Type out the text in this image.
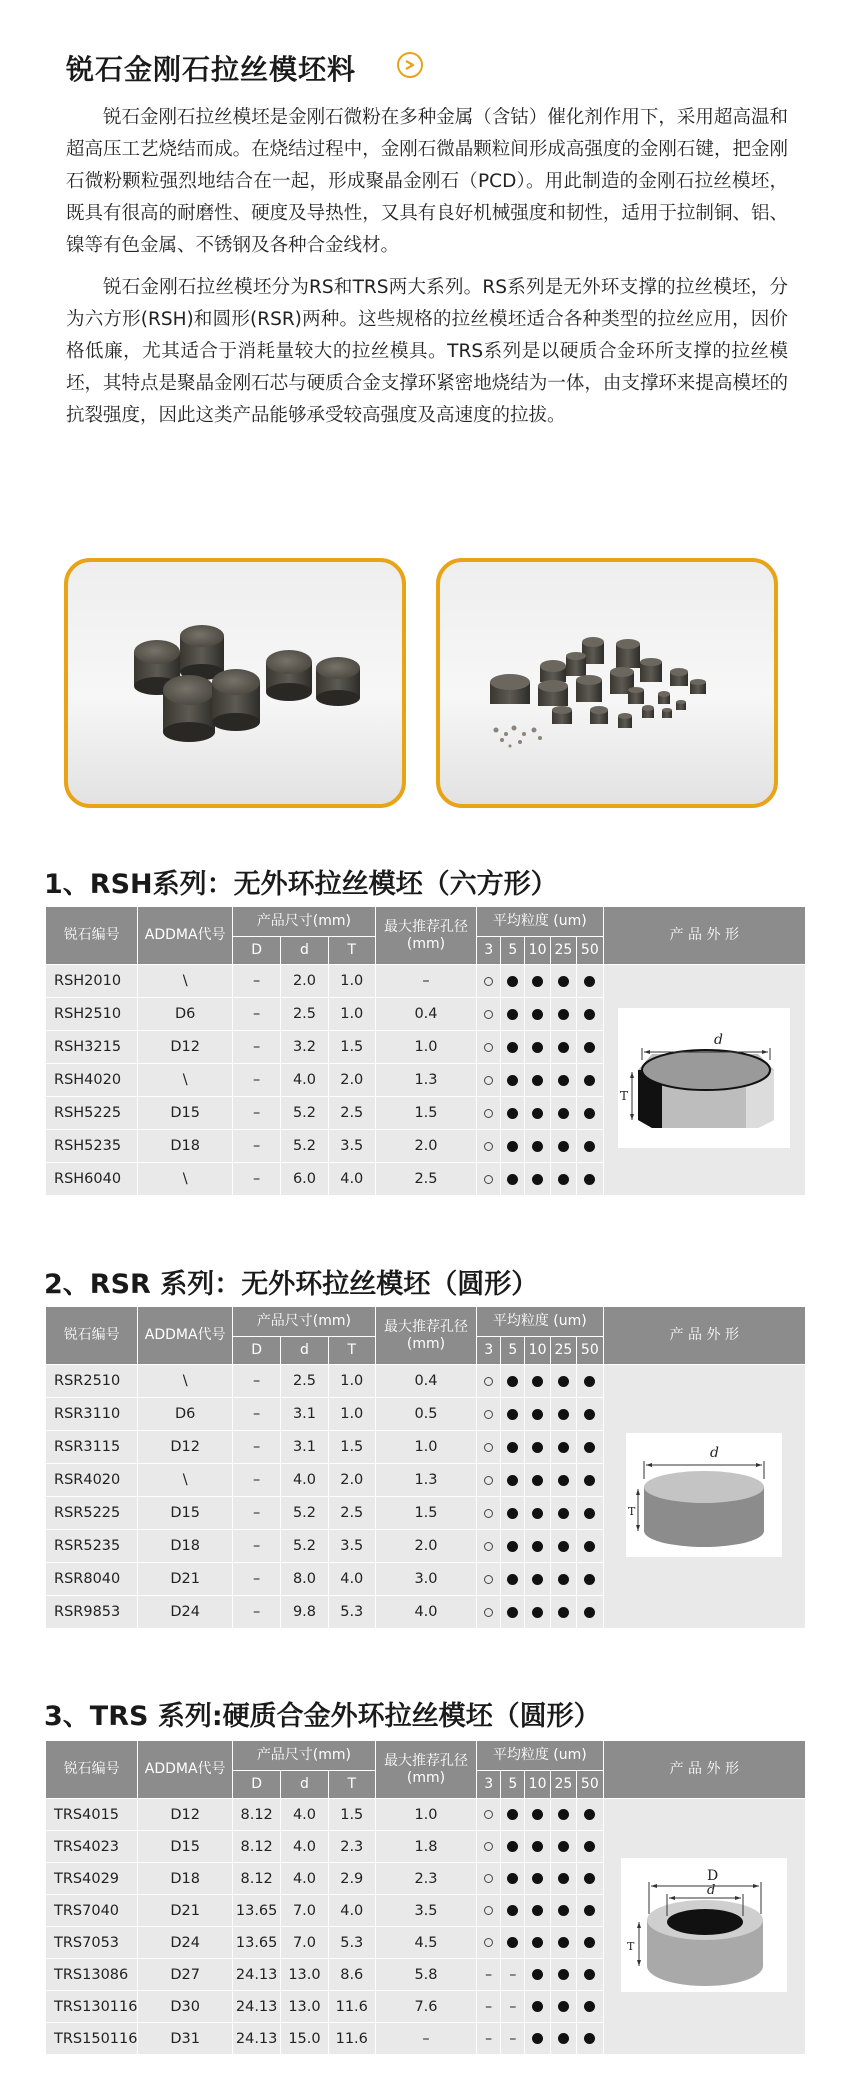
锐石金刚石拉丝模坯料

锐石金刚石拉丝模坯是金刚石微粉在多种金属（含钴）催化剂作用下，采用超高温和超高压工艺烧结而成。在烧结过程中，金刚石微晶颗粒间形成高强度的金刚石键，把金刚石微粉颗粒强烈地结合在一起，形成聚晶金刚石（PCD）。用此制造的金刚石拉丝模坯，既具有很高的耐磨性、硬度及导热性，又具有良好机械强度和韧性，适用于拉制铜、铝、镍等有色金属、不锈钢及各种合金线材。

锐石金刚石拉丝模坯分为RS和TRS两大系列。RS系列是无外环支撑的拉丝模坯，分为六方形(RSH)和圆形(RSR)两种。这些规格的拉丝模坯适合各种类型的拉丝应用，因价格低廉，尤其适合于消耗量较大的拉丝模具。TRS系列是以硬质合金环所支撑的拉丝模坯，其特点是聚晶金刚石芯与硬质合金支撑环紧密地烧结为一体，由支撑环来提高模坯的抗裂强度，因此这类产品能够承受较高强度及高速度的拉拔。

1、RSH系列：无外环拉丝模坯（六方形）
锐石编号	ADDMA代号	产品尺寸(mm)			最大推荐孔径(mm)	平均粒度 (um)					产 品 外 形
		D	d	T		3	5	10	25	50	
RSH2010	\	–	2.0	1.0	–						d
T

RSH2510	D6	–	2.5	1.0	0.4						
RSH3215	D12	–	3.2	1.5	1.0						
RSH4020	\	–	4.0	2.0	1.3						
RSH5225	D15	–	5.2	2.5	1.5						
RSH5235	D18	–	5.2	3.5	2.0						
RSH6040	\	–	6.0	4.0	2.5						
2、RSR 系列：无外环拉丝模坯（圆形）
锐石编号	ADDMA代号	产品尺寸(mm)			最大推荐孔径(mm)	平均粒度 (um)					产 品 外 形
		D	d	T		3	5	10	25	50	
RSR2510	\	–	2.5	1.0	0.4						d
T

RSR3110	D6	–	3.1	1.0	0.5						
RSR3115	D12	–	3.1	1.5	1.0						
RSR4020	\	–	4.0	2.0	1.3						
RSR5225	D15	–	5.2	2.5	1.5						
RSR5235	D18	–	5.2	3.5	2.0						
RSR8040	D21	–	8.0	4.0	3.0						
RSR9853	D24	–	9.8	5.3	4.0						
3、TRS 系列:硬质合金外环拉丝模坯（圆形）
锐石编号	ADDMA代号	产品尺寸(mm)			最大推荐孔径(mm)	平均粒度 (um)					产 品 外 形
		D	d	T		3	5	10	25	50	
TRS4015	D12	8.12	4.0	1.5	1.0						D
d
T

TRS4023	D15	8.12	4.0	2.3	1.8						
TRS4029	D18	8.12	4.0	2.9	2.3						
TRS7040	D21	13.65	7.0	4.0	3.5						
TRS7053	D24	13.65	7.0	5.3	4.5						
TRS13086	D27	24.13	13.0	8.6	5.8	–	–				
TRS130116	D30	24.13	13.0	11.6	7.6	–	–				
TRS150116	D31	24.13	15.0	11.6	–	–	–				
